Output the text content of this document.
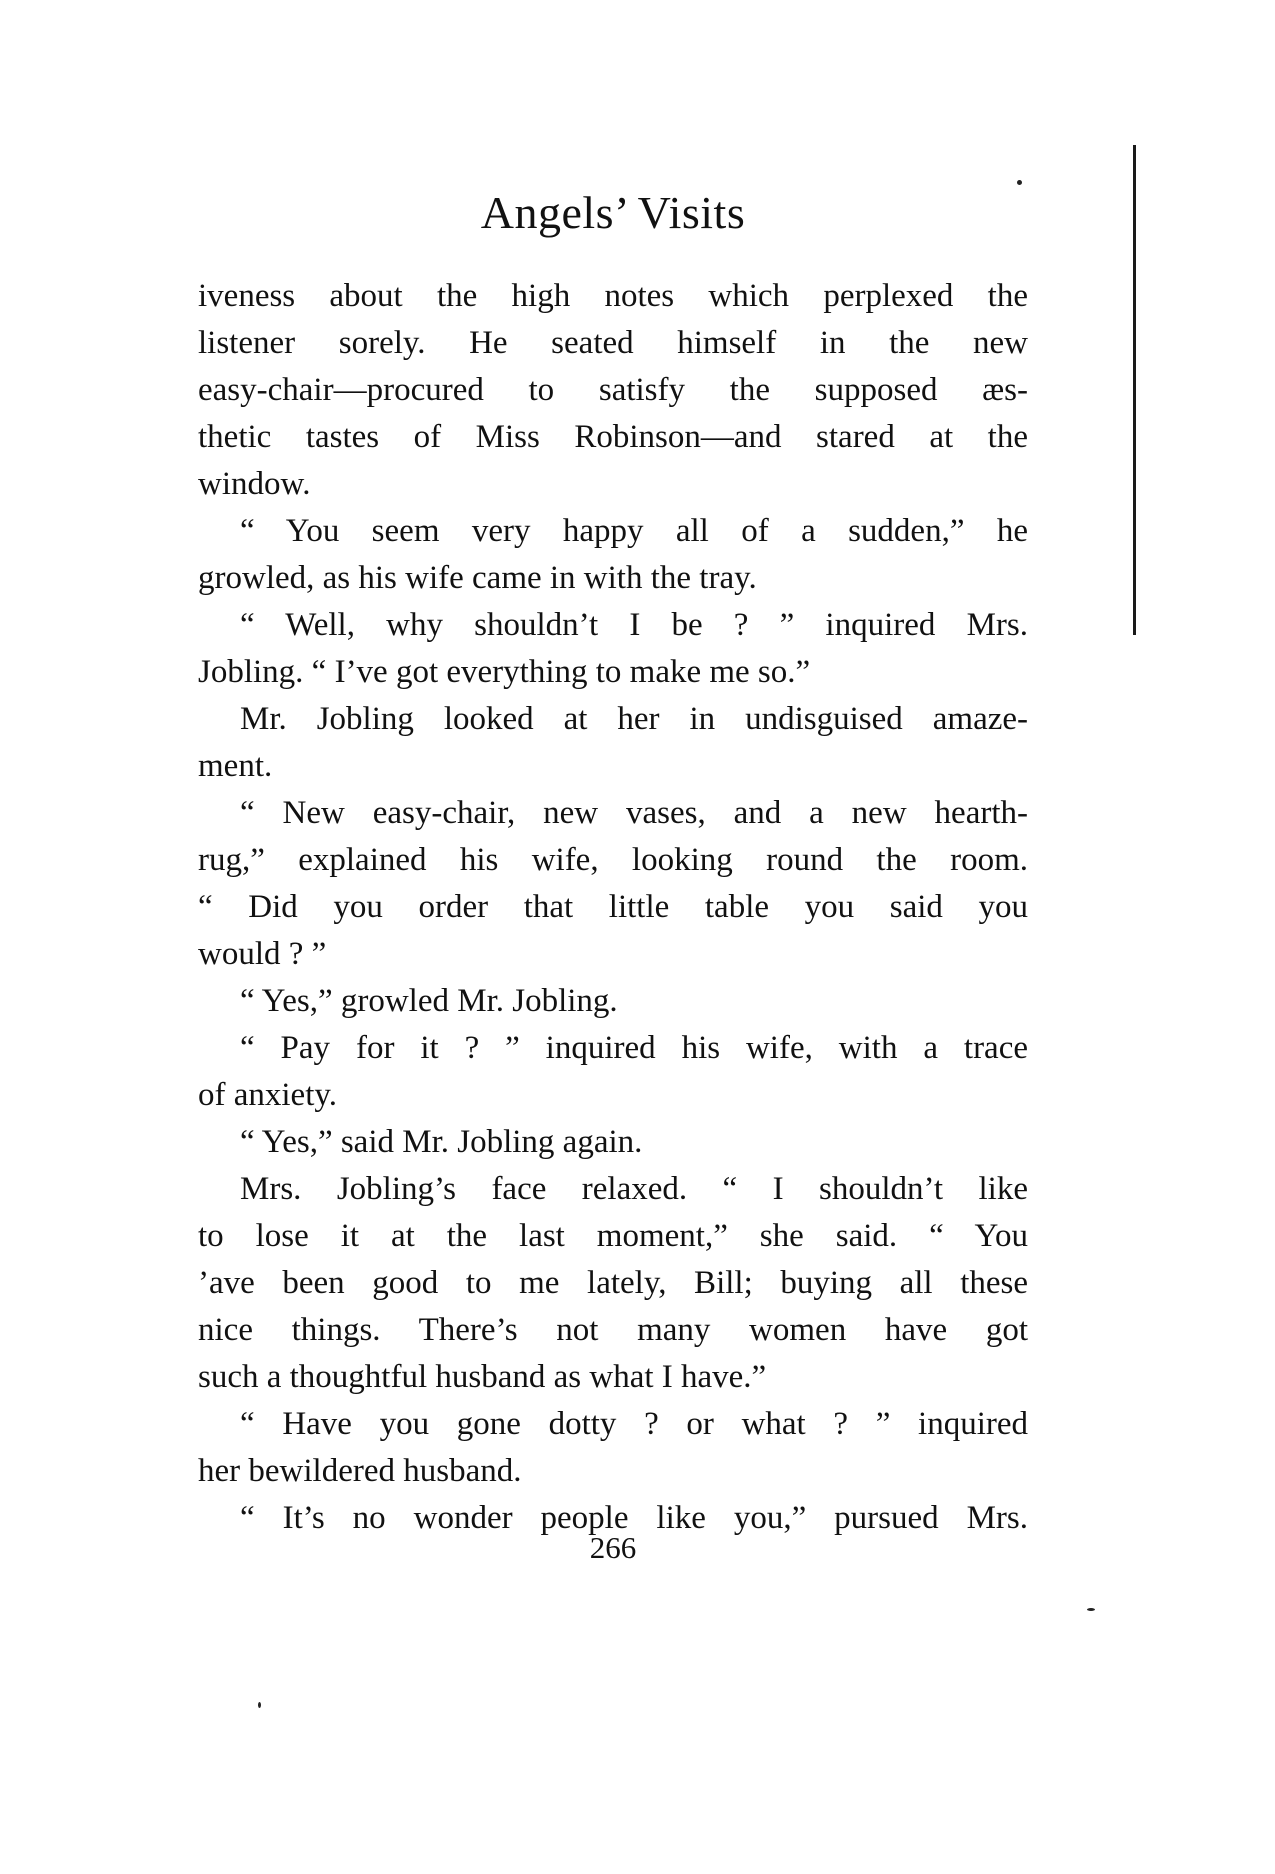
Angels’ Visits
iveness about the high notes which perplexed the
listener sorely. He seated himself in the new
easy-chair—procured to satisfy the supposed æs-
thetic tastes of Miss Robinson—and stared at the
window.
“ You seem very happy all of a sudden,” he
growled, as his wife came in with the tray.
“ Well, why shouldn’t I be ? ” inquired Mrs.
Jobling. “ I’ve got everything to make me so.”
Mr. Jobling looked at her in undisguised amaze-
ment.
“ New easy-chair, new vases, and a new hearth-
rug,” explained his wife, looking round the room.
“ Did you order that little table you said you
would ? ”
“ Yes,” growled Mr. Jobling.
“ Pay for it ? ” inquired his wife, with a trace
of anxiety.
“ Yes,” said Mr. Jobling again.
Mrs. Jobling’s face relaxed. “ I shouldn’t like
to lose it at the last moment,” she said. “ You
’ave been good to me lately, Bill; buying all these
nice things. There’s not many women have got
such a thoughtful husband as what I have.”
“ Have you gone dotty ? or what ? ” inquired
her bewildered husband.
“ It’s no wonder people like you,” pursued Mrs.
266
